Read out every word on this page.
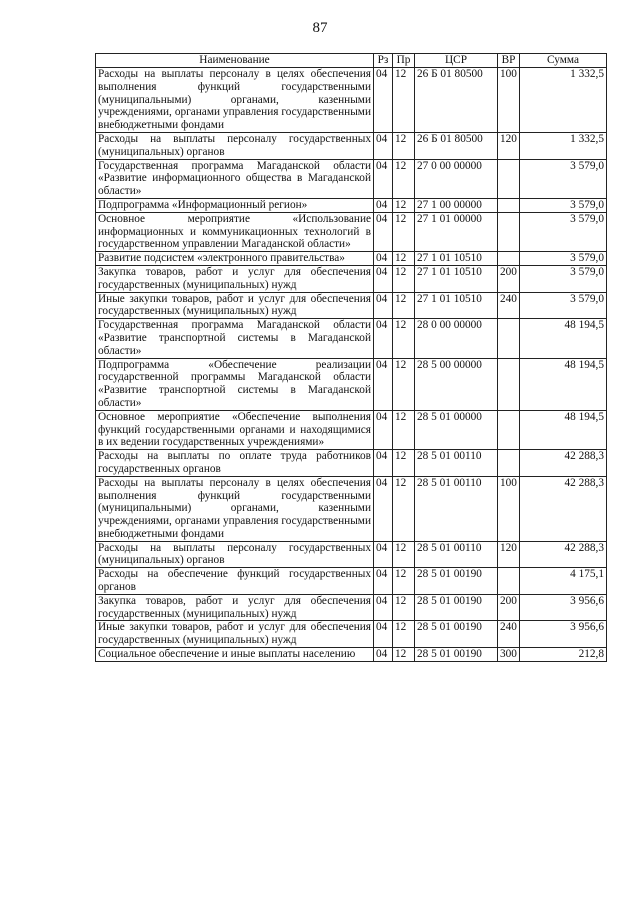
87
Наименование	Рз	Пр	ЦСР	ВР	Сумма
Расходы на выплаты персоналу в целях обеспечения выполнения функций государственными (муниципальными) органами, казенными учреждениями, органами управления государственными внебюджетными фондами	04	12	26 Б 01 80500	100	1 332,5
Расходы на выплаты персоналу государственных (муниципальных) органов	04	12	26 Б 01 80500	120	1 332,5
Государственная программа Магаданской области «Развитие информационного общества в Магаданской области»	04	12	27 0 00 00000		3 579,0
Подпрограмма «Информационный регион»	04	12	27 1 00 00000		3 579,0
Основное мероприятие «Использование информационных и коммуникационных технологий в государственном управлении Магаданской области»	04	12	27 1 01 00000		3 579,0
Развитие подсистем «электронного правительства»	04	12	27 1 01 10510		3 579,0
Закупка товаров, работ и услуг для обеспечения государственных (муниципальных) нужд	04	12	27 1 01 10510	200	3 579,0
Иные закупки товаров, работ и услуг для обеспечения государственных (муниципальных) нужд	04	12	27 1 01 10510	240	3 579,0
Государственная программа Магаданской области «Развитие транспортной системы в Магаданской области»	04	12	28 0 00 00000		48 194,5
Подпрограмма «Обеспечение реализации государственной программы Магаданской области «Развитие транспортной системы в Магаданской области»	04	12	28 5 00 00000		48 194,5
Основное мероприятие «Обеспечение выполнения функций государственными органами и находящимися в их ведении государственных учреждениями»	04	12	28 5 01 00000		48 194,5
Расходы на выплаты по оплате труда работников государственных органов	04	12	28 5 01 00110		42 288,3
Расходы на выплаты персоналу в целях обеспечения выполнения функций государственными (муниципальными) органами, казенными учреждениями, органами управления государственными внебюджетными фондами	04	12	28 5 01 00110	100	42 288,3
Расходы на выплаты персоналу государственных (муниципальных) органов	04	12	28 5 01 00110	120	42 288,3
Расходы на обеспечение функций государственных органов	04	12	28 5 01 00190		4 175,1
Закупка товаров, работ и услуг для обеспечения государственных (муниципальных) нужд	04	12	28 5 01 00190	200	3 956,6
Иные закупки товаров, работ и услуг для обеспечения государственных (муниципальных) нужд	04	12	28 5 01 00190	240	3 956,6
Социальное обеспечение и иные выплаты населению	04	12	28 5 01 00190	300	212,8
